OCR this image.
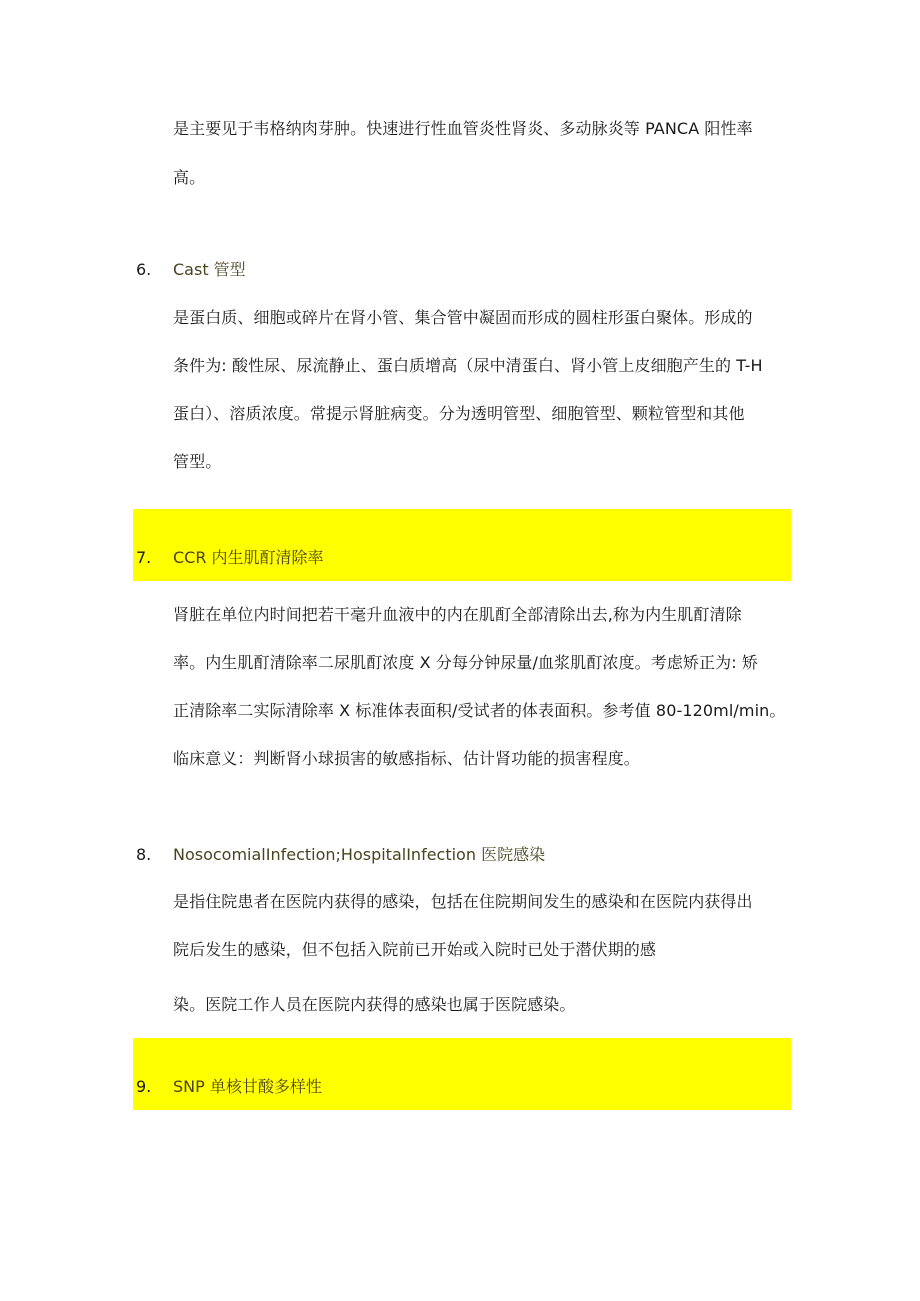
是主要见于韦格纳肉芽肿。快速进行性血管炎性肾炎、多动脉炎等 PANCA 阳性率
高。
6. Cast 管型
是蛋白质、细胞或碎片在肾小管、集合管中凝固而形成的圆柱形蛋白聚体。形成的
条件为: 酸性尿、尿流静止、蛋白质增高（尿中清蛋白、肾小管上皮细胞产生的 T-H
蛋白）、溶质浓度。常提示肾脏病变。分为透明管型、细胞管型、颗粒管型和其他
管型。
7. CCR 内生肌酊清除率
肾脏在单位内时间把若干毫升血液中的内在肌酊全部清除出去,称为内生肌酊清除
率。内生肌酊清除率二尿肌酊浓度 X 分每分钟尿量/血浆肌酊浓度。考虑矫正为: 矫
正清除率二实际清除率 X 标准体表面积/受试者的体表面积。参考值 80-120ml/min。
临床意义：判断肾小球损害的敏感指标、估计肾功能的损害程度。
8. NosocomialInfection;HospitalInfection 医院感染
是指住院患者在医院内获得的感染，包括在住院期间发生的感染和在医院内获得出
院后发生的感染，但不包括入院前已开始或入院时已处于潜伏期的感
染。医院工作人员在医院内获得的感染也属于医院感染。
9. SNP 单核甘酸多样性
